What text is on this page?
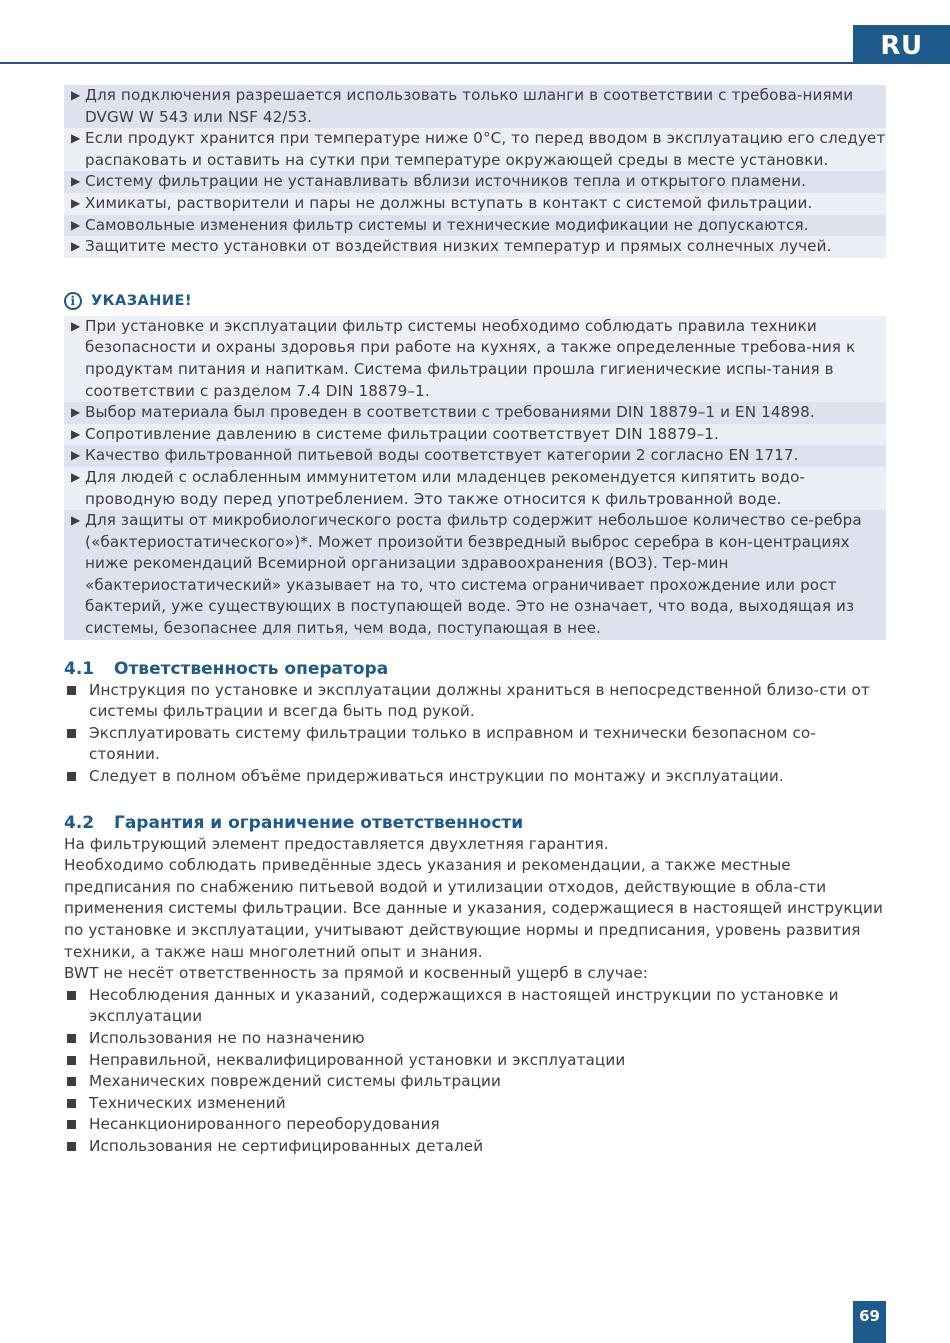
RU
▶ Для подключения разрешается использовать только шланги в соответствии с требова-ниями DVGW W 543 или NSF 42/53.
▶ Если продукт хранится при температуре ниже 0°C, то перед вводом в эксплуатацию его следует распаковать и оставить на сутки при температуре окружающей среды в месте установки.
▶ Систему фильтрации не устанавливать вблизи источников тепла и открытого пламени.
▶ Химикаты, растворители и пары не должны вступать в контакт с системой фильтрации.
▶ Самовольные изменения фильтр системы и технические модификации не допускаются.
▶ Защитите место установки от воздействия низких температур и прямых солнечных лучей.
i	УКАЗАНИЕ!
▶ При установке и эксплуатации фильтр системы необходимо соблюдать правила техники безопасности и охраны здоровья при работе на кухнях, а также определенные требова-ния к продуктам питания и напиткам. Система фильтрации прошла гигиенические испы-тания в соответствии с разделом 7.4 DIN 18879–1.
▶ Выбор материала был проведен в соответствии с требованиями DIN 18879–1 и EN 14898.
▶ Сопротивление давлению в системе фильтрации соответствует DIN 18879–1.
▶ Качество фильтрованной питьевой воды соответствует категории 2 согласно EN 1717.
▶ Для людей с ослабленным иммунитетом или младенцев рекомендуется кипятить водо-проводную воду перед употреблением. Это также относится к фильтрованной воде.
▶ Для защиты от микробиологического роста фильтр содержит небольшое количество се-ребра («бактериостатического»)*. Может произойти безвредный выброс серебра в кон-центрациях ниже рекомендаций Всемирной организации здравоохранения (ВОЗ). Тер-мин «бактериостатический» указывает на то, что система ограничивает прохождение или рост бактерий, уже существующих в поступающей воде. Это не означает, что вода, выходящая из системы, безопаснее для питья, чем вода, поступающая в нее.
4.1	Ответственность оператора
Инструкция по установке и эксплуатации должны храниться в непосредственной близо-сти от системы фильтрации и всегда быть под рукой.
Эксплуатировать систему фильтрации только в исправном и технически безопасном со-стоянии.
Следует в полном объёме придерживаться инструкции по монтажу и эксплуатации.
4.2	Гарантия и ограничение ответственности
На фильтрующий элемент предоставляется двухлетняя гарантия.
Необходимо соблюдать приведённые здесь указания и рекомендации, а также местные предписания по снабжению питьевой водой и утилизации отходов, действующие в обла-сти применения системы фильтрации. Все данные и указания, содержащиеся в настоящей инструкции по установке и эксплуатации, учитывают действующие нормы и предписания, уровень развития техники, а также наш многолетний опыт и знания.
BWT не несёт ответственность за прямой и косвенный ущерб в случае:
Несоблюдения данных и указаний, содержащихся в настоящей инструкции по установке и эксплуатации
Использования не по назначению
Неправильной, неквалифицированной установки и эксплуатации
Механических повреждений системы фильтрации
Технических изменений
Несанкционированного переоборудования
Использования не сертифицированных деталей
69
